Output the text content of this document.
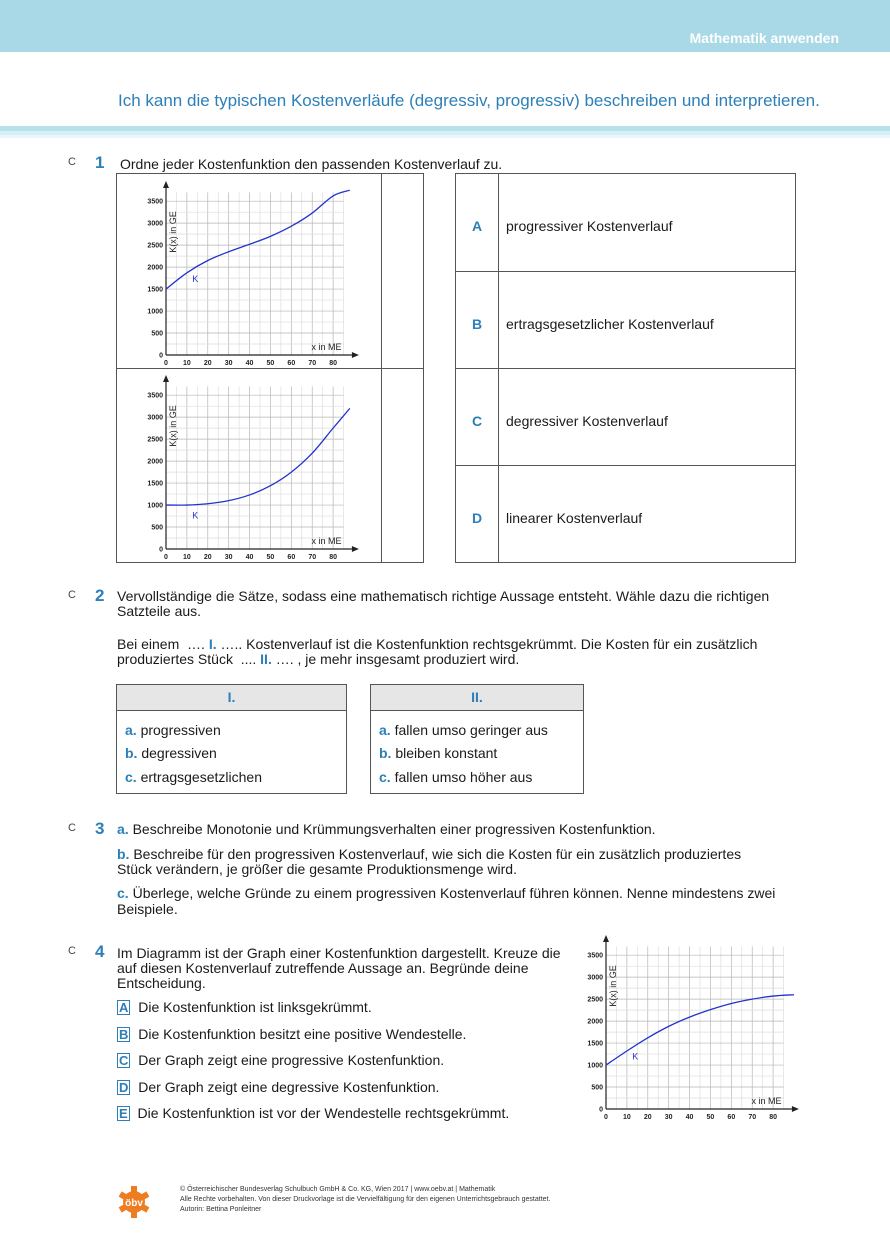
Mathematik anwenden
Ich kann die typischen Kostenverläufe (degressiv, progressiv) beschreiben und interpretieren.
C 1 Ordne jeder Kostenfunktion den passenden Kostenverlauf zu.
0 10 20 30 40 50 60 70 80
0
500
1000
1500
2000
2500
3000
3500
x in ME
K(x) in GE
K
0 10 20 30 40 50 60 70 80
0
500
1000
1500
2000
2500
3000
3500
x in ME
K(x) in GE
K
A	progressiver Kostenverlauf
B	ertragsgesetzlicher Kostenverlauf
C	degressiver Kostenverlauf
D	linearer Kostenverlauf
C 2 Vervollständige die Sätze, sodass eine mathematisch richtige Aussage entsteht. Wähle dazu die richtigen
Satzteile aus.
Bei einem  …. I. ….. Kostenverlauf ist die Kostenfunktion rechtsgekrümmt. Die Kosten für ein zusätzlich
produziertes Stück  .... II. …. , je mehr insgesamt produziert wird.
I.
a. progressiven
b. degressiven
c. ertragsgesetzlichen
II.
a. fallen umso geringer aus
b. bleiben konstant
c. fallen umso höher aus
C 3 a. Beschreibe Monotonie und Krümmungsverhalten einer progressiven Kostenfunktion.
b. Beschreibe für den progressiven Kostenverlauf, wie sich die Kosten für ein zusätzlich produziertes
Stück verändern, je größer die gesamte Produktionsmenge wird.
c. Überlege, welche Gründe zu einem progressiven Kostenverlauf führen können. Nenne mindestens zwei
Beispiele.
C 4 Im Diagramm ist der Graph einer Kostenfunktion dargestellt. Kreuze die
auf diesen Kostenverlauf zutreffende Aussage an. Begründe deine
Entscheidung.
A Die Kostenfunktion ist linksgekrümmt.
B Die Kostenfunktion besitzt eine positive Wendestelle.
C Der Graph zeigt eine progressive Kostenfunktion.
D Der Graph zeigt eine degressive Kostenfunktion.
E Die Kostenfunktion ist vor der Wendestelle rechtsgekrümmt.	0 10 20 30 40 50 60 70 80
0
500
1000
1500
2000
2500
3000
3500
x in ME
K(x) in GE
K
öbv
© Österreichischer Bundesverlag Schulbuch GmbH & Co. KG, Wien 2017 | www.oebv.at | Mathematik
Alle Rechte vorbehalten. Von dieser Druckvorlage ist die Vervielfältigung für den eigenen Unterrichtsgebrauch gestattet.
Autorin: Bettina Ponleitner
